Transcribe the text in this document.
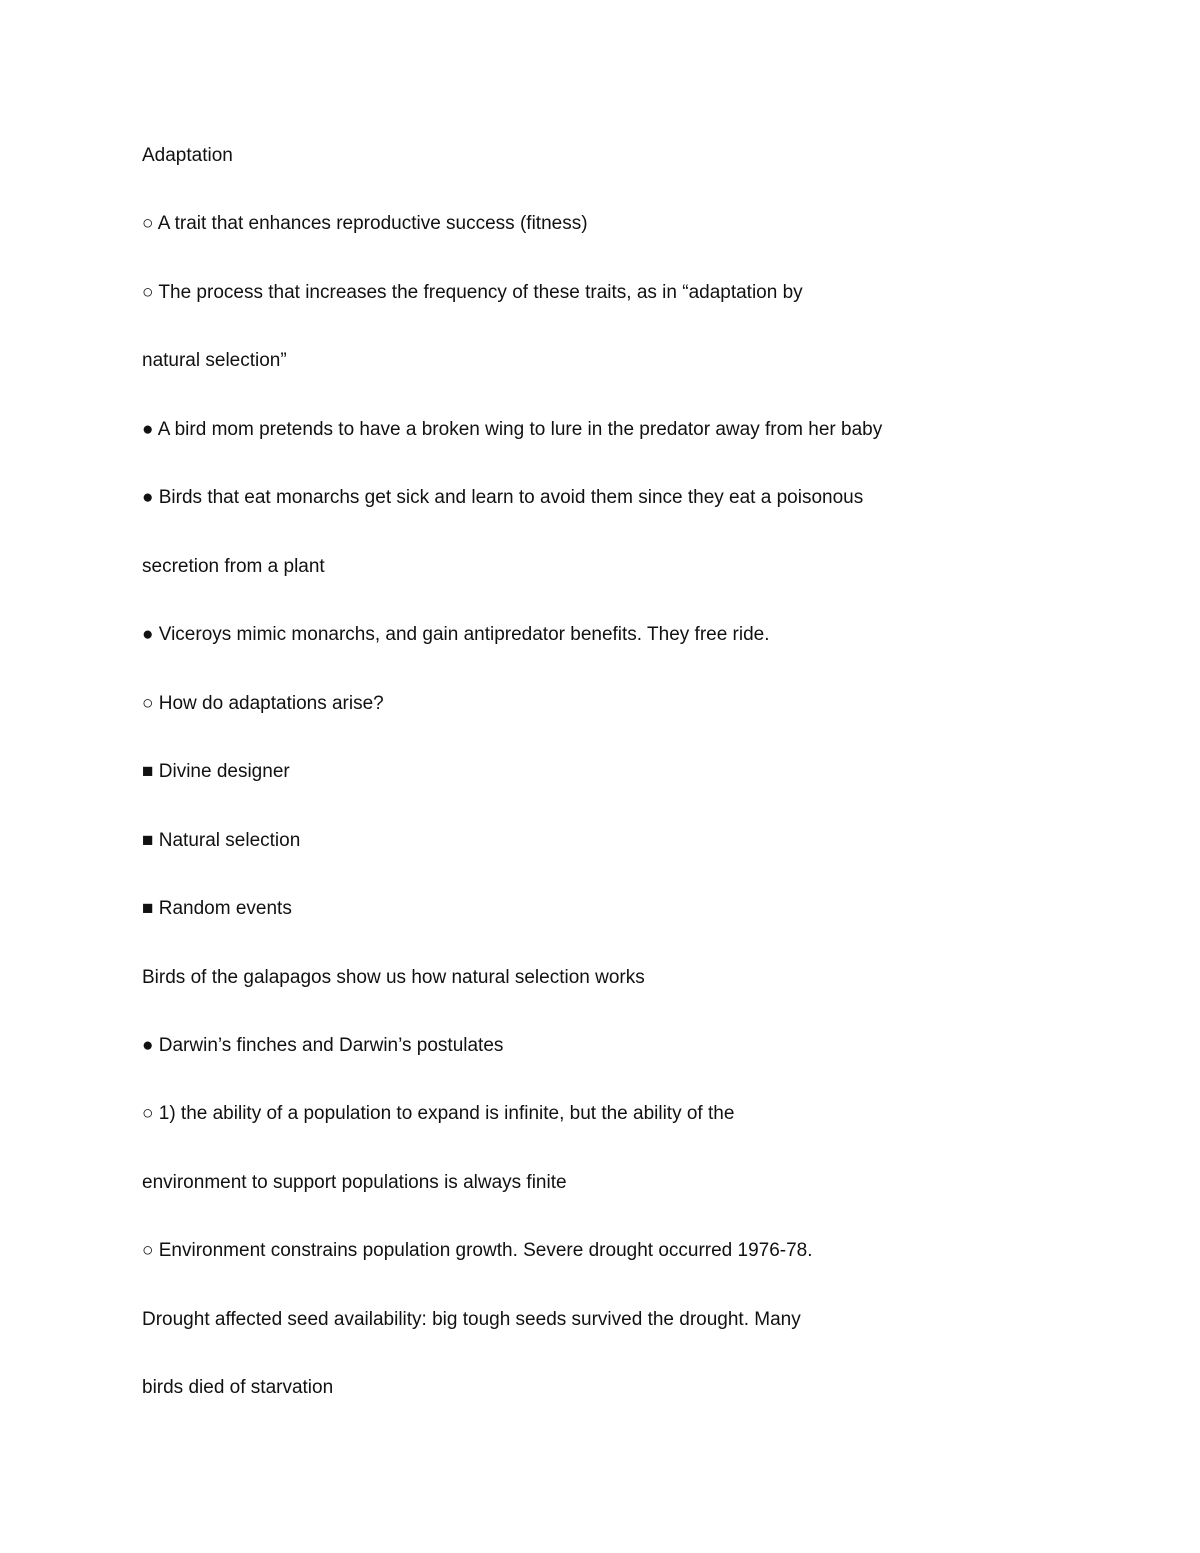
Adaptation
○ A trait that enhances reproductive success (fitness)
○ The process that increases the frequency of these traits, as in “adaptation by
natural selection”
● A bird mom pretends to have a broken wing to lure in the predator away from her baby
● Birds that eat monarchs get sick and learn to avoid them since they eat a poisonous
secretion from a plant
● Viceroys mimic monarchs, and gain antipredator benefits. They free ride.
○ How do adaptations arise?
■ Divine designer
■ Natural selection
■ Random events
Birds of the galapagos show us how natural selection works
● Darwin’s finches and Darwin’s postulates
○ 1) the ability of a population to expand is infinite, but the ability of the
environment to support populations is always finite
○ Environment constrains population growth. Severe drought occurred 1976-78.
Drought affected seed availability: big tough seeds survived the drought. Many
birds died of starvation
